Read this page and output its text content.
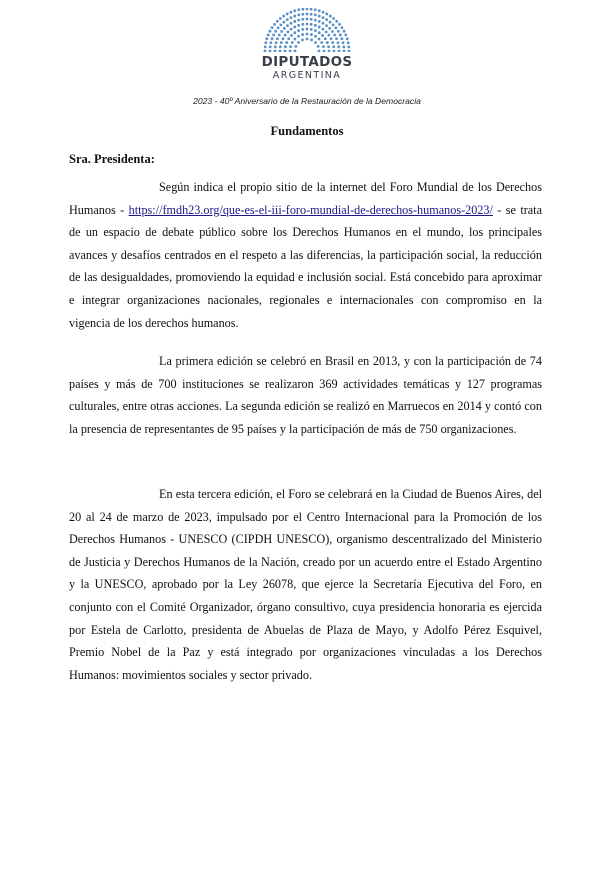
DIPUTADOS
ARGENTINA
2023 - 40º Aniversario de la Restauración de la Democracia
Fundamentos
Sra. Presidenta:

Según indica el propio sitio de la internet del Foro Mundial de los Derechos Humanos - https://fmdh23.org/que-es-el-iii-foro-mundial-de-derechos-humanos-2023/ - se trata de un espacio de debate público sobre los Derechos Humanos en el mundo, los principales avances y desafíos centrados en el respeto a las diferencias, la participación social, la reducción de las desigualdades, promoviendo la equidad e inclusión social. Está concebido para aproximar e integrar organizaciones nacionales, regionales e internacionales con compromiso en la vigencia de los derechos humanos.

La primera edición se celebró en Brasil en 2013, y con la participación de 74 países y más de 700 instituciones se realizaron 369 actividades temáticas y 127 programas culturales, entre otras acciones. La segunda edición se realizó en Marruecos en 2014 y contó con la presencia de representantes de 95 países y la participación de más de 750 organizaciones.

En esta tercera edición, el Foro se celebrará en la Ciudad de Buenos Aires, del 20 al 24 de marzo de 2023, impulsado por el Centro Internacional para la Promoción de los Derechos Humanos - UNESCO (CIPDH UNESCO), organismo descentralizado del Ministerio de Justicia y Derechos Humanos de la Nación, creado por un acuerdo entre el Estado Argentino y la UNESCO, aprobado por la Ley 26078, que ejerce la Secretaría Ejecutiva del Foro, en conjunto con el Comité Organizador, órgano consultivo, cuya presidencia honoraria es ejercida por Estela de Carlotto, presidenta de Abuelas de Plaza de Mayo, y Adolfo Pérez Esquivel, Premio Nobel de la Paz y está integrado por organizaciones vinculadas a los Derechos Humanos: movimientos sociales y sector privado.
